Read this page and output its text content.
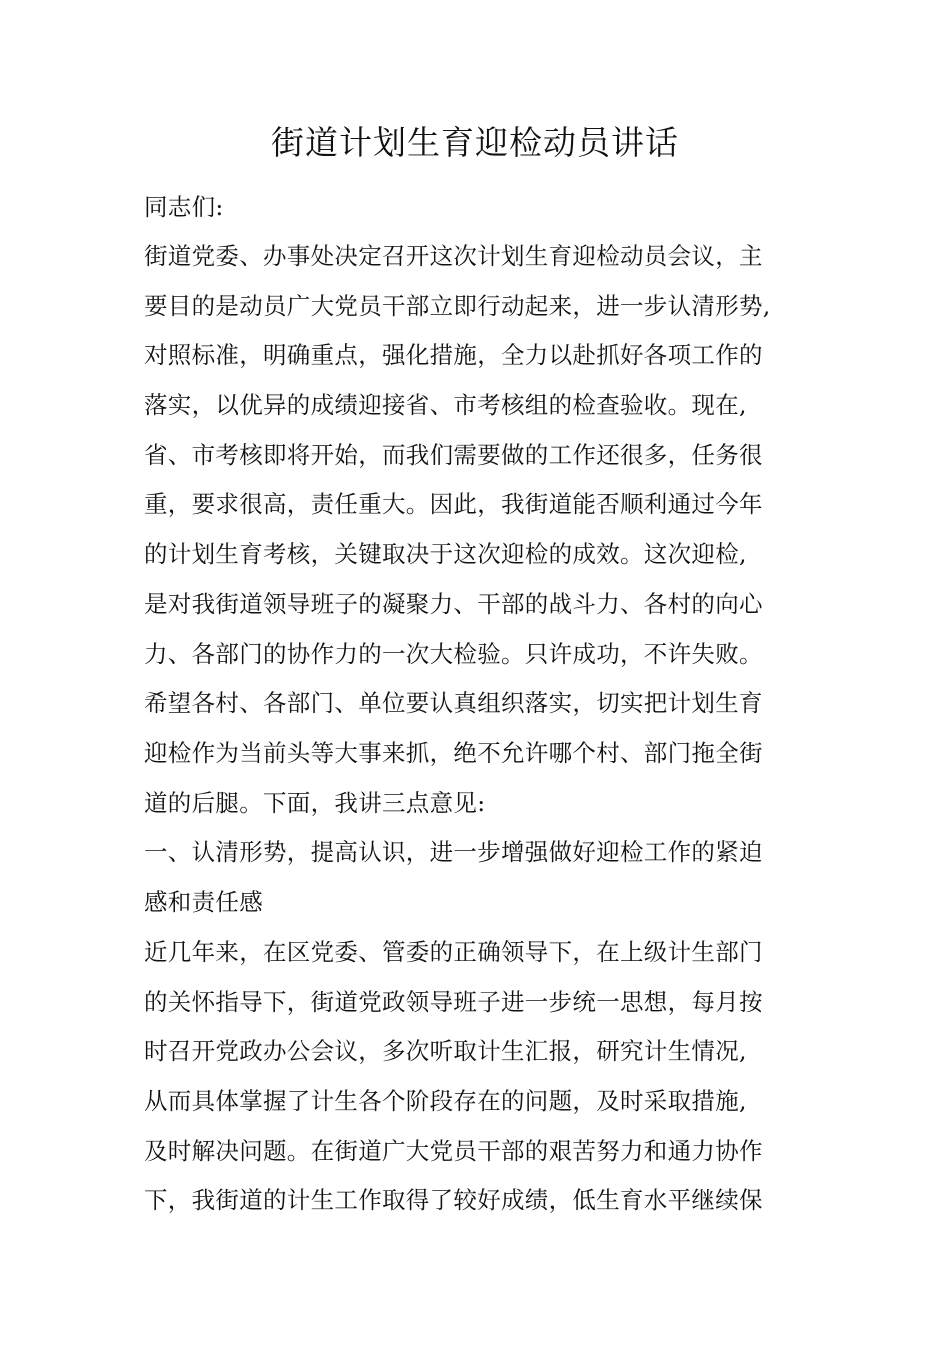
街道计划生育迎检动员讲话
同志们:
街道党委、办事处决定召开这次计划生育迎检动员会议，主
要目的是动员广大党员干部立即行动起来，进一步认清形势,
对照标准，明确重点，强化措施，全力以赴抓好各项工作的
落实，以优异的成绩迎接省、市考核组的检查验收。现在,
省、市考核即将开始，而我们需要做的工作还很多，任务很
重，要求很高，责任重大。因此，我街道能否顺利通过今年
的计划生育考核，关键取决于这次迎检的成效。这次迎检,
是对我街道领导班子的凝聚力、干部的战斗力、各村的向心
力、各部门的协作力的一次大检验。只许成功，不许失败。
希望各村、各部门、单位要认真组织落实，切实把计划生育
迎检作为当前头等大事来抓，绝不允许哪个村、部门拖全街
道的后腿。下面，我讲三点意见:
一、认清形势，提高认识，进一步增强做好迎检工作的紧迫
感和责任感
近几年来，在区党委、管委的正确领导下，在上级计生部门
的关怀指导下，街道党政领导班子进一步统一思想，每月按
时召开党政办公会议，多次听取计生汇报，研究计生情况,
从而具体掌握了计生各个阶段存在的问题，及时采取措施,
及时解决问题。在街道广大党员干部的艰苦努力和通力协作
下，我街道的计生工作取得了较好成绩，低生育水平继续保
